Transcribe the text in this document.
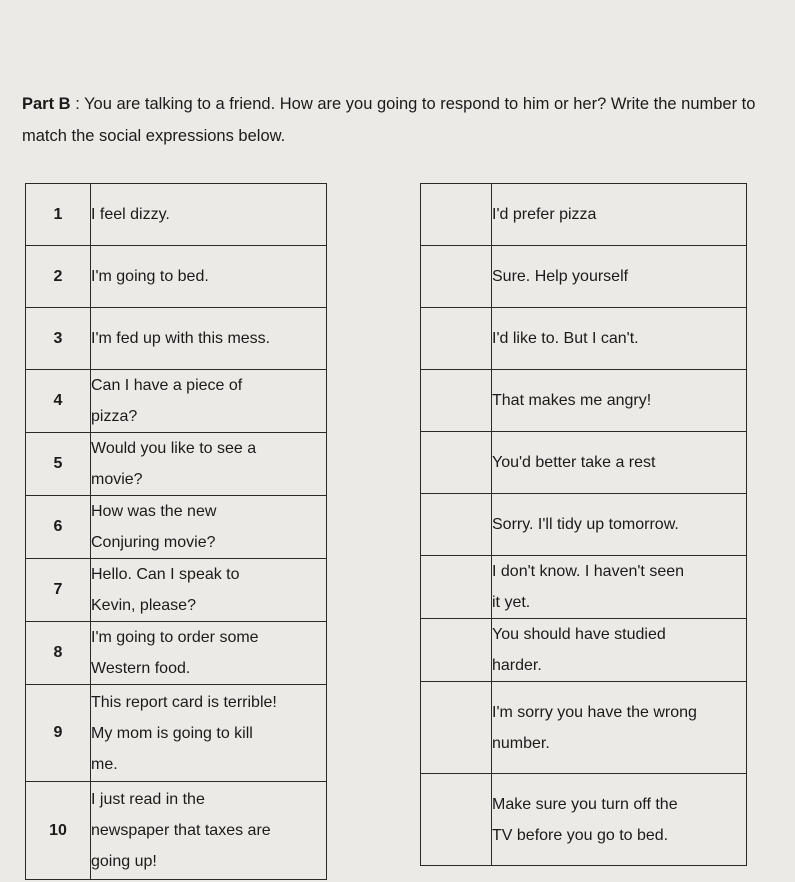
Part B : You are talking to a friend. How are you going to respond to him or her? Write the number to match the social expressions below.

1	I feel dizzy.

2	I'm going to bed.

3	I'm fed up with this mess.

4	Can I have a piece of
pizza?

5	Would you like to see a
movie?

6	How was the new
Conjuring movie?

7	Hello. Can I speak to
Kevin, please?

8	I'm going to order some
Western food.

9	This report card is terrible!
My mom is going to kill
me.

10	I just read in the
newspaper that taxes are
going up!

	I'd prefer pizza

	Sure. Help yourself

	I'd like to. But I can't.

	That makes me angry!

	You'd better take a rest

	Sorry. I'll tidy up tomorrow.

	I don't know. I haven't seen
it yet.

	You should have studied
harder.

	I'm sorry you have the wrong
number.

	Make sure you turn off the
TV before you go to bed.
